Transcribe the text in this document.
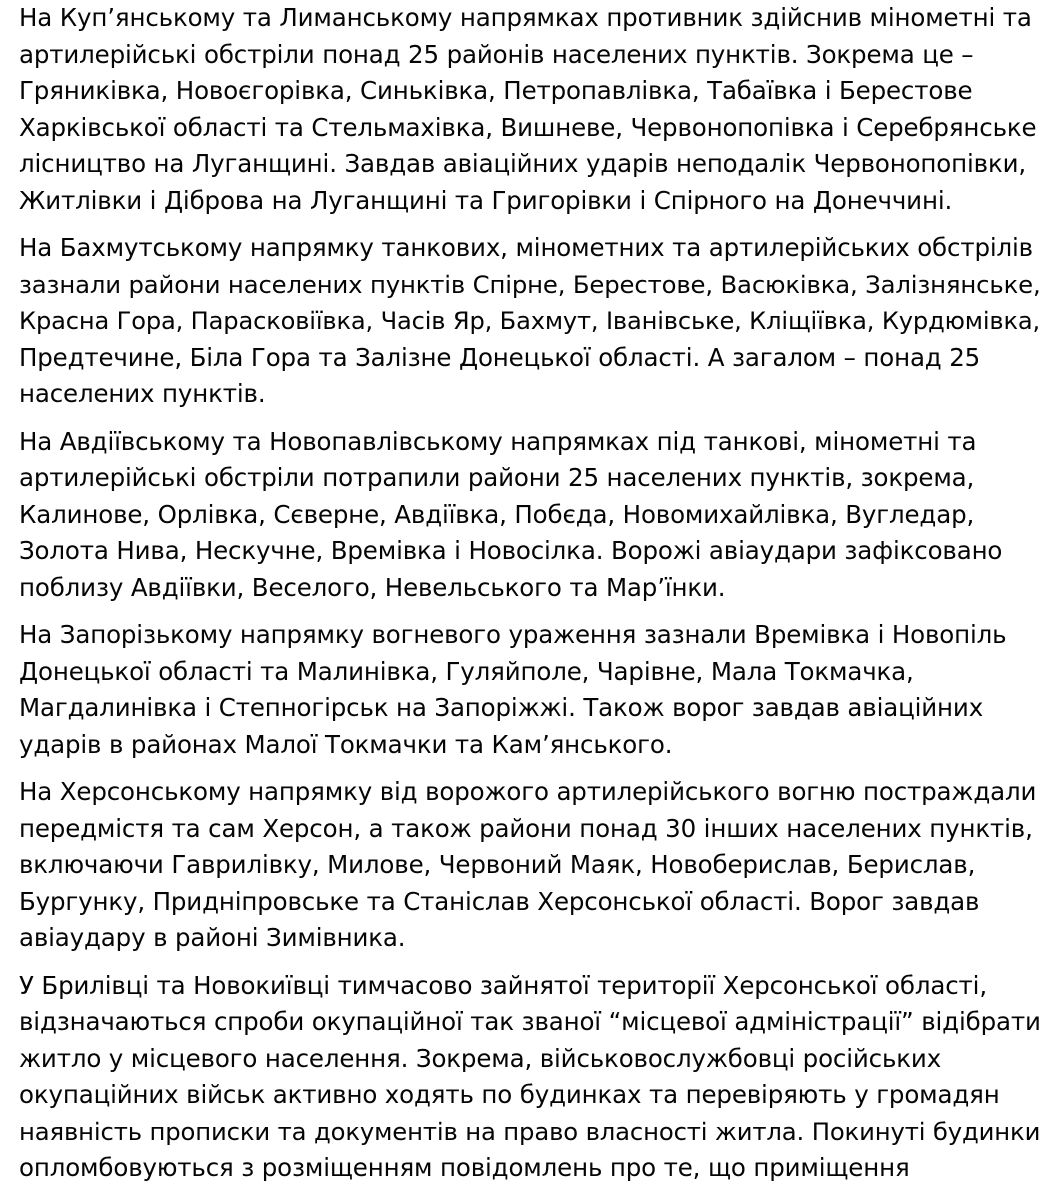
На Куп’янському та Лиманському напрямках противник здійснив мінометні та
артилерійські обстріли понад 25 районів населених пунктів. Зокрема це –
Гряниківка, Новоєгорівка, Синьківка, Петропавлівка, Табаївка і Берестове
Харківської області та Стельмахівка, Вишневе, Червонопопівка і Серебрянське
лісництво на Луганщині. Завдав авіаційних ударів неподалік Червонопопівки,
Житлівки і Діброва на Луганщині та Григорівки і Спірного на Донеччині.

На Бахмутському напрямку танкових, мінометних та артилерійських обстрілів
зазнали райони населених пунктів Спірне, Берестове, Васюківка, Залізнянське,
Красна Гора, Парасковіївка, Часів Яр, Бахмут, Іванівське, Кліщіївка, Курдюмівка,
Предтечине, Біла Гора та Залізне Донецької області. А загалом – понад 25
населених пунктів.

На Авдіївському та Новопавлівському напрямках під танкові, мінометні та
артилерійські обстріли потрапили райони 25 населених пунктів, зокрема,
Калинове, Орлівка, Сєверне, Авдіївка, Побєда, Новомихайлівка, Вугледар,
Золота Нива, Нескучне, Времівка і Новосілка. Ворожі авіаудари зафіксовано
поблизу Авдіївки, Веселого, Невельського та Мар’їнки.

На Запорізькому напрямку вогневого ураження зазнали Времівка і Новопіль
Донецької області та Малинівка, Гуляйполе, Чарівне, Мала Токмачка,
Магдалинівка і Степногірськ на Запоріжжі. Також ворог завдав авіаційних
ударів в районах Малої Токмачки та Кам’янського.

На Херсонському напрямку від ворожого артилерійського вогню постраждали
передмістя та сам Херсон, а також райони понад 30 інших населених пунктів,
включаючи Гаврилівку, Милове, Червоний Маяк, Новоберислав, Берислав,
Бургунку, Придніпровське та Станіслав Херсонської області. Ворог завдав
авіаудару в районі Зимівника.

У Брилівці та Новокиївці тимчасово зайнятої території Херсонської області,
відзначаються спроби окупаційної так званої “місцевої адміністрації” відібрати
житло у місцевого населення. Зокрема, військовослужбовці російських
окупаційних військ активно ходять по будинках та перевіряють у громадян
наявність прописки та документів на право власності житла. Покинуті будинки
опломбовуються з розміщенням повідомлень про те, що приміщення
